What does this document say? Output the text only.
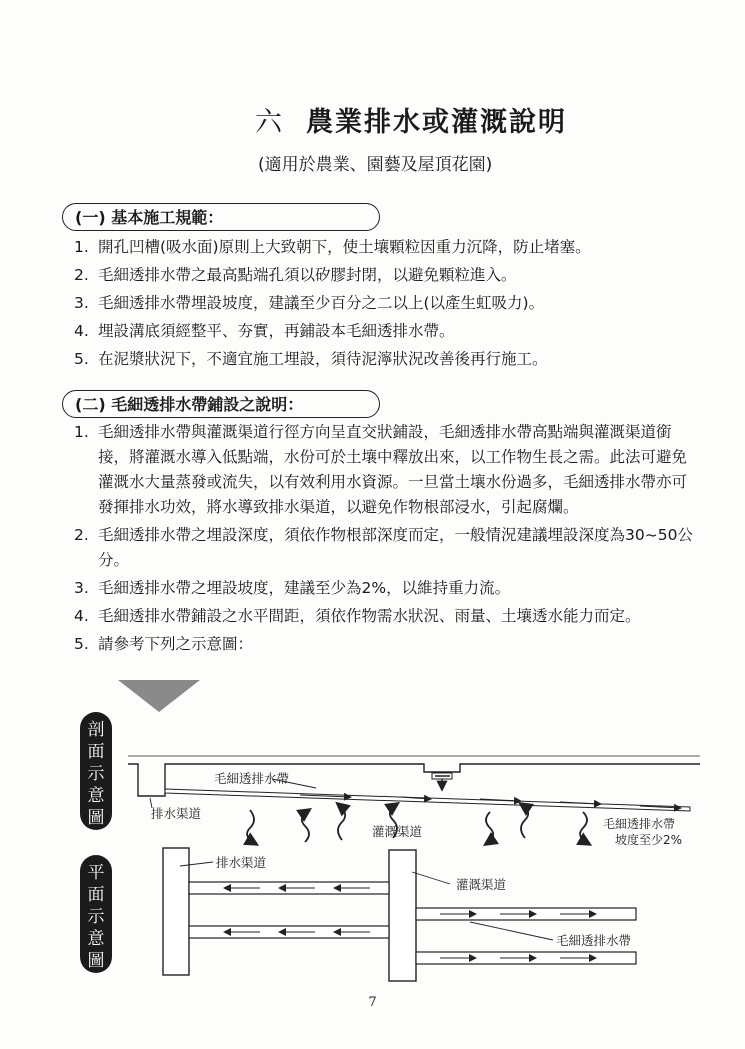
六 農業排水或灌溉說明
(適用於農業、園藝及屋頂花園)
(一) 基本施工規範：
1. 開孔凹槽(吸水面)原則上大致朝下，使土壤顆粒因重力沉降，防止堵塞。
2. 毛細透排水帶之最高點端孔須以矽膠封閉，以避免顆粒進入。
3. 毛細透排水帶埋設坡度，建議至少百分之二以上(以產生虹吸力)。
4. 埋設溝底須經整平、夯實，再鋪設本毛細透排水帶。
5. 在泥漿狀況下，不適宜施工埋設，須待泥濘狀況改善後再行施工。
(二) 毛細透排水帶鋪設之說明：
1. 毛細透排水帶與灌溉渠道行徑方向呈直交狀鋪設，毛細透排水帶高點端與灌溉渠道銜接，將灌溉水導入低點端，水份可於土壤中釋放出來，以工作物生長之需。此法可避免灌溉水大量蒸發或流失，以有效利用水資源。一旦當土壤水份過多，毛細透排水帶亦可發揮排水功效，將水導致排水渠道，以避免作物根部浸水，引起腐爛。
2. 毛細透排水帶之埋設深度，須依作物根部深度而定，一般情況建議埋設深度為30~50公分。
3. 毛細透排水帶之埋設坡度，建議至少為2%，以維持重力流。
4. 毛細透排水帶鋪設之水平間距，須依作物需水狀況、雨量、土壤透水能力而定。
5. 請參考下列之示意圖：
剖面示意圖
平面示意圖
毛細透排水帶
排水渠道
灌溉渠道	毛細透排水帶
坡度至少2%
排水渠道
灌溉渠道
毛細透排水帶
7
